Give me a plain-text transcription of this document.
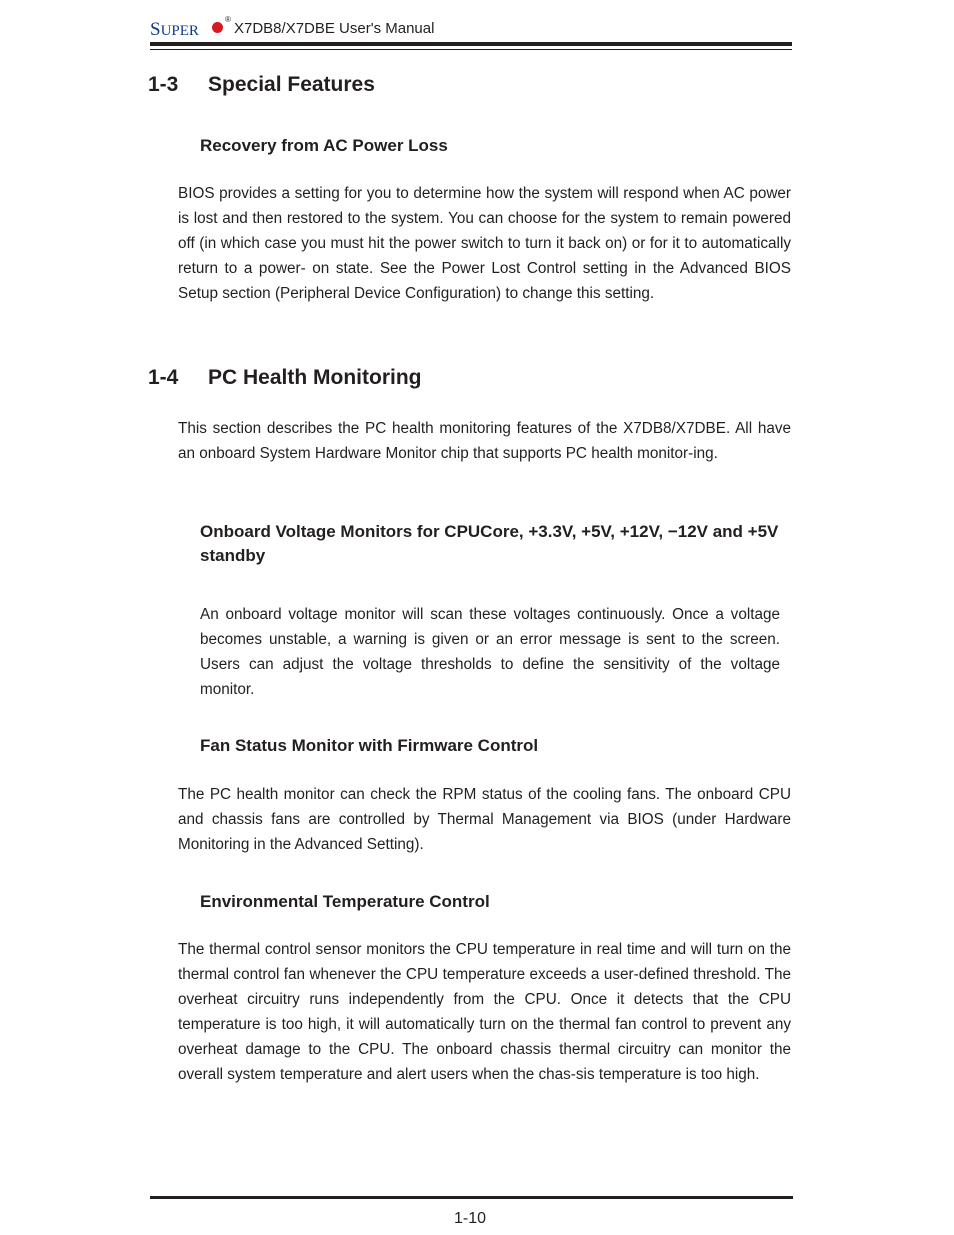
SUPER
®
X7DB8/X7DBE User's Manual
1-3 Special Features
Recovery from AC Power Loss

BIOS provides a setting for you to determine how the system will respond when AC power is lost and then restored to the system. You can choose for the system to remain powered off (in which case you must hit the power switch to turn it back on) or for it to automatically return to a power- on state. See the Power Lost Control setting in the Advanced BIOS Setup section (Peripheral Device Configuration) to change this setting.

1-4 PC Health Monitoring

This section describes the PC health monitoring features of the X7DB8/X7DBE. All have an onboard System Hardware Monitor chip that supports PC health monitor-ing.

Onboard Voltage Monitors for CPUCore, +3.3V, +5V, +12V, −12V and +5V standby

An onboard voltage monitor will scan these voltages continuously. Once a voltage becomes unstable, a warning is given or an error message is sent to the screen. Users can adjust the voltage thresholds to define the sensitivity of the voltage monitor.

Fan Status Monitor with Firmware Control

The PC health monitor can check the RPM status of the cooling fans. The onboard CPU and chassis fans are controlled by Thermal Management via BIOS (under Hardware Monitoring in the Advanced Setting).

Environmental Temperature Control

The thermal control sensor monitors the CPU temperature in real time and will turn on the thermal control fan whenever the CPU temperature exceeds a user-defined threshold. The overheat circuitry runs independently from the CPU. Once it detects that the CPU temperature is too high, it will automatically turn on the thermal fan control to prevent any overheat damage to the CPU. The onboard chassis thermal circuitry can monitor the overall system temperature and alert users when the chas-sis temperature is too high.

1-10
